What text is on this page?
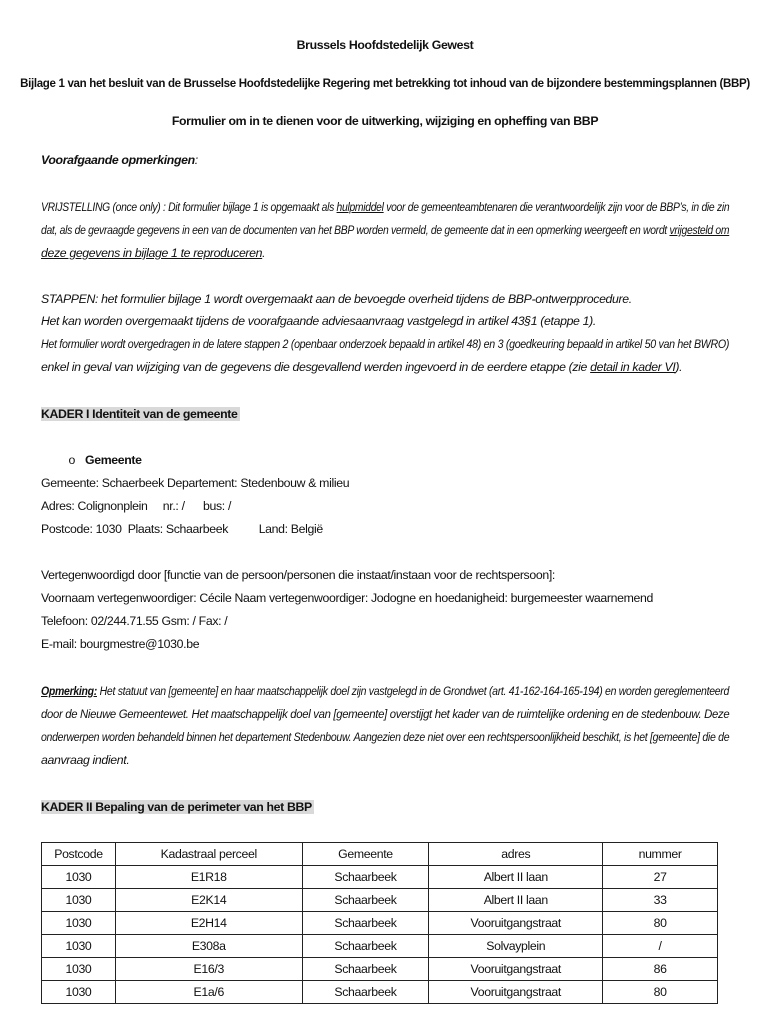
Brussels Hoofdstedelijk Gewest
Bijlage 1 van het besluit van de Brusselse Hoofdstedelijke Regering met betrekking tot inhoud van de bijzondere bestemmingsplannen (BBP)
Formulier om in te dienen voor de uitwerking, wijziging en opheffing van BBP
Voorafgaande opmerkingen:
VRIJSTELLING (once only) : Dit formulier bijlage 1 is opgemaakt als hulpmiddel voor de gemeenteambtenaren die verantwoordelijk zijn voor de BBP’s, in die zin
dat, als de gevraagde gegevens in een van de documenten van het BBP worden vermeld, de gemeente dat in een opmerking weergeeft en wordt vrijgesteld om
deze gegevens in bijlage 1 te reproduceren.
STAPPEN: het formulier bijlage 1 wordt overgemaakt aan de bevoegde overheid tijdens de BBP-ontwerpprocedure.
Het kan worden overgemaakt tijdens de voorafgaande adviesaanvraag vastgelegd in artikel 43§1 (etappe 1).
Het formulier wordt overgedragen in de latere stappen 2 (openbaar onderzoek bepaald in artikel 48) en 3 (goedkeuring bepaald in artikel 50 van het BWRO)
enkel in geval van wijziging van de gegevens die desgevallend werden ingevoerd in de eerdere etappe (zie detail in kader VI).
KADER I Identiteit van de gemeente
o Gemeente
Gemeente: Schaerbeek Departement: Stedenbouw & milieu
Adres: Colignonplein     nr.: /      bus: /
Postcode: 1030  Plaats: Schaarbeek          Land: België
Vertegenwoordigd door [functie van de persoon/personen die instaat/instaan voor de rechtspersoon]:
Voornaam vertegenwoordiger: Cécile Naam vertegenwoordiger: Jodogne en hoedanigheid: burgemeester waarnemend
Telefoon: 02/244.71.55 Gsm: / Fax: /
E-mail: bourgmestre@1030.be
Opmerking: Het statuut van [gemeente] en haar maatschappelijk doel zijn vastgelegd in de Grondwet (art. 41-162-164-165-194) en worden gereglementeerd
door de Nieuwe Gemeentewet. Het maatschappelijk doel van [gemeente] overstijgt het kader van de ruimtelijke ordening en de stedenbouw. Deze
onderwerpen worden behandeld binnen het departement Stedenbouw. Aangezien deze niet over een rechtspersoonlijkheid beschikt, is het [gemeente] die de
aanvraag indient.
KADER II Bepaling van de perimeter van het BBP
Postcode	Kadastraal perceel	Gemeente	adres	nummer
1030	E1R18	Schaarbeek	Albert II laan	27
1030	E2K14	Schaarbeek	Albert II laan	33
1030	E2H14	Schaarbeek	Vooruitgangstraat	80
1030	E308a	Schaarbeek	Solvayplein	/
1030	E16/3	Schaarbeek	Vooruitgangstraat	86
1030	E1a/6	Schaarbeek	Vooruitgangstraat	80
